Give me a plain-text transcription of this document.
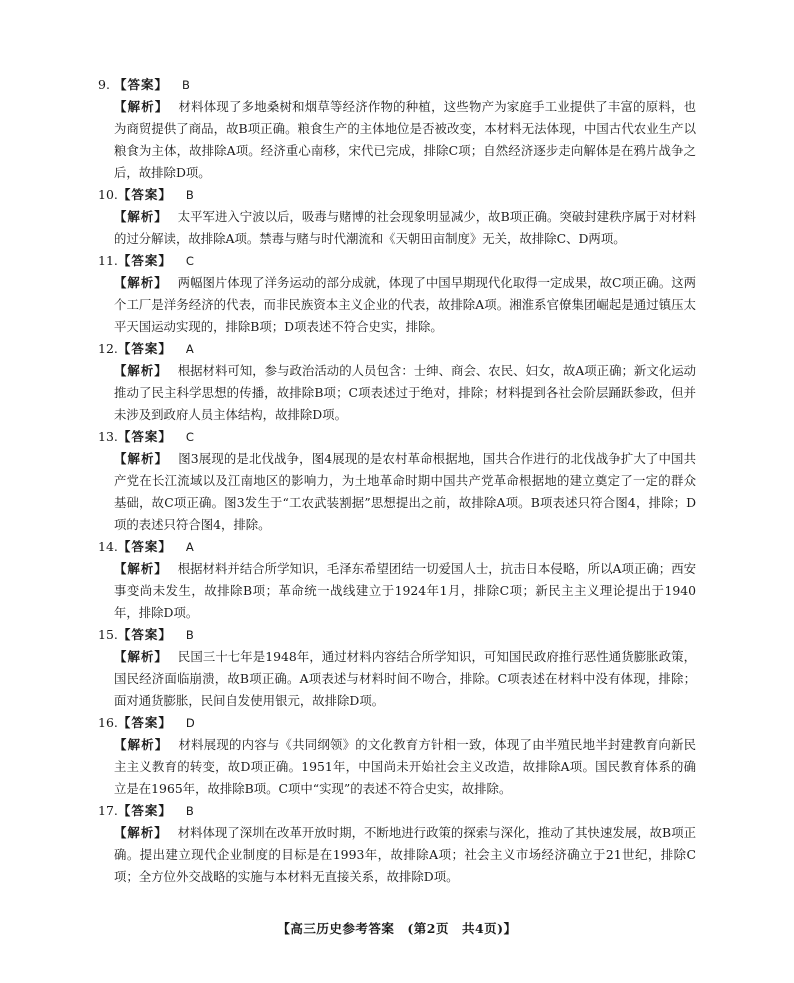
9. 【答案】 B

【解析】 材料体现了多地桑树和烟草等经济作物的种植，这些物产为家庭手工业提供了丰富的原料，也为商贸提供了商品，故B项正确。粮食生产的主体地位是否被改变，本材料无法体现，中国古代农业生产以粮食为主体，故排除A项。经济重心南移，宋代已完成，排除C项；自然经济逐步走向解体是在鸦片战争之后，故排除D项。

10.【答案】 B

【解析】 太平军进入宁波以后，吸毒与赌博的社会现象明显减少，故B项正确。突破封建秩序属于对材料的过分解读，故排除A项。禁毒与赌与时代潮流和《天朝田亩制度》无关，故排除C、D两项。

11.【答案】 C

【解析】 两幅图片体现了洋务运动的部分成就，体现了中国早期现代化取得一定成果，故C项正确。这两个工厂是洋务经济的代表，而非民族资本主义企业的代表，故排除A项。湘淮系官僚集团崛起是通过镇压太平天国运动实现的，排除B项；D项表述不符合史实，排除。

12.【答案】 A

【解析】 根据材料可知，参与政治活动的人员包含：士绅、商会、农民、妇女，故A项正确；新文化运动推动了民主科学思想的传播，故排除B项；C项表述过于绝对，排除；材料提到各社会阶层踊跃参政，但并未涉及到政府人员主体结构，故排除D项。

13.【答案】 C

【解析】 图3展现的是北伐战争，图4展现的是农村革命根据地，国共合作进行的北伐战争扩大了中国共产党在长江流域以及江南地区的影响力，为土地革命时期中国共产党革命根据地的建立奠定了一定的群众基础，故C项正确。图3发生于“工农武装割据”思想提出之前，故排除A项。B项表述只符合图4，排除；D项的表述只符合图4，排除。

14.【答案】 A

【解析】 根据材料并结合所学知识，毛泽东希望团结一切爱国人士，抗击日本侵略，所以A项正确；西安事变尚未发生，故排除B项；革命统一战线建立于1924年1月，排除C项；新民主主义理论提出于1940年，排除D项。

15.【答案】 B

【解析】 民国三十七年是1948年，通过材料内容结合所学知识，可知国民政府推行恶性通货膨胀政策，国民经济面临崩溃，故B项正确。A项表述与材料时间不吻合，排除。C项表述在材料中没有体现，排除；面对通货膨胀，民间自发使用银元，故排除D项。

16.【答案】 D

【解析】 材料展现的内容与《共同纲领》的文化教育方针相一致，体现了由半殖民地半封建教育向新民主主义教育的转变，故D项正确。1951年，中国尚未开始社会主义改造，故排除A项。国民教育体系的确立是在1965年，故排除B项。C项中“实现”的表述不符合史实，故排除。

17.【答案】 B

【解析】 材料体现了深圳在改革开放时期，不断地进行政策的探索与深化，推动了其快速发展，故B项正确。提出建立现代企业制度的目标是在1993年，故排除A项；社会主义市场经济确立于21世纪，排除C项；全方位外交战略的实施与本材料无直接关系，故排除D项。

【高三历史参考答案　(第2页　共4页)】
